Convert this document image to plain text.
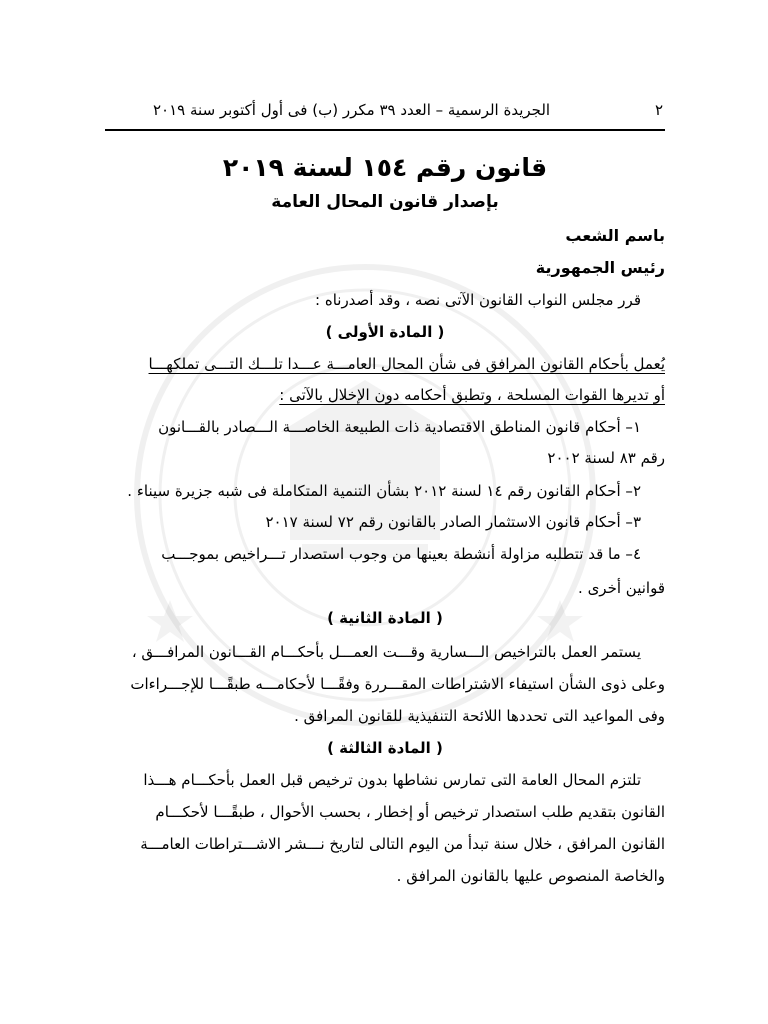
٢
الجريدة الرسمية – العدد ٣٩ مكرر (ب) فى أول أكتوبر سنة ٢٠١٩
قانون رقم ١٥٤ لسنة ٢٠١٩
بإصدار قانون المحال العامة
باسم الشعب
رئيس الجمهورية
قرر مجلس النواب القانون الآتى نصه ، وقد أصدرناه :
( المادة الأولى )
يُعمل بأحكام القانون المرافق فى شأن المحال العامـــة عـــدا تلـــك التـــى تملكهـــا
أو تديرها القوات المسلحة ، وتطبق أحكامه دون الإخلال بالآتى :
١– أحكام قانون المناطق الاقتصادية ذات الطبيعة الخاصـــة الـــصادر بالقـــانون
رقم ٨٣ لسنة ٢٠٠٢
٢– أحكام القانون رقم ١٤ لسنة ٢٠١٢ بشأن التنمية المتكاملة فى شبه جزيرة سيناء .
٣– أحكام قانون الاستثمار الصادر بالقانون رقم ٧٢ لسنة ٢٠١٧
٤– ما قد تتطلبه مزاولة أنشطة بعينها من وجوب استصدار تـــراخيص بموجـــب
قوانين أخرى .
( المادة الثانية )
يستمر العمل بالتراخيص الـــسارية وقـــت العمـــل بأحكـــام القـــانون المرافـــق ،
وعلى ذوى الشأن استيفاء الاشتراطات المقـــررة وفقًـــا لأحكامـــه طبقًـــا للإجـــراءات
وفى المواعيد التى تحددها اللائحة التنفيذية للقانون المرافق .
( المادة الثالثة )
تلتزم المحال العامة التى تمارس نشاطها بدون ترخيص قبل العمل بأحكـــام هـــذا
القانون بتقديم طلب استصدار ترخيص أو إخطار ، بحسب الأحوال ، طبقًـــا لأحكـــام
القانون المرافق ، خلال سنة تبدأ من اليوم التالى لتاريخ نـــشر الاشـــتراطات العامـــة
والخاصة المنصوص عليها بالقانون المرافق .
